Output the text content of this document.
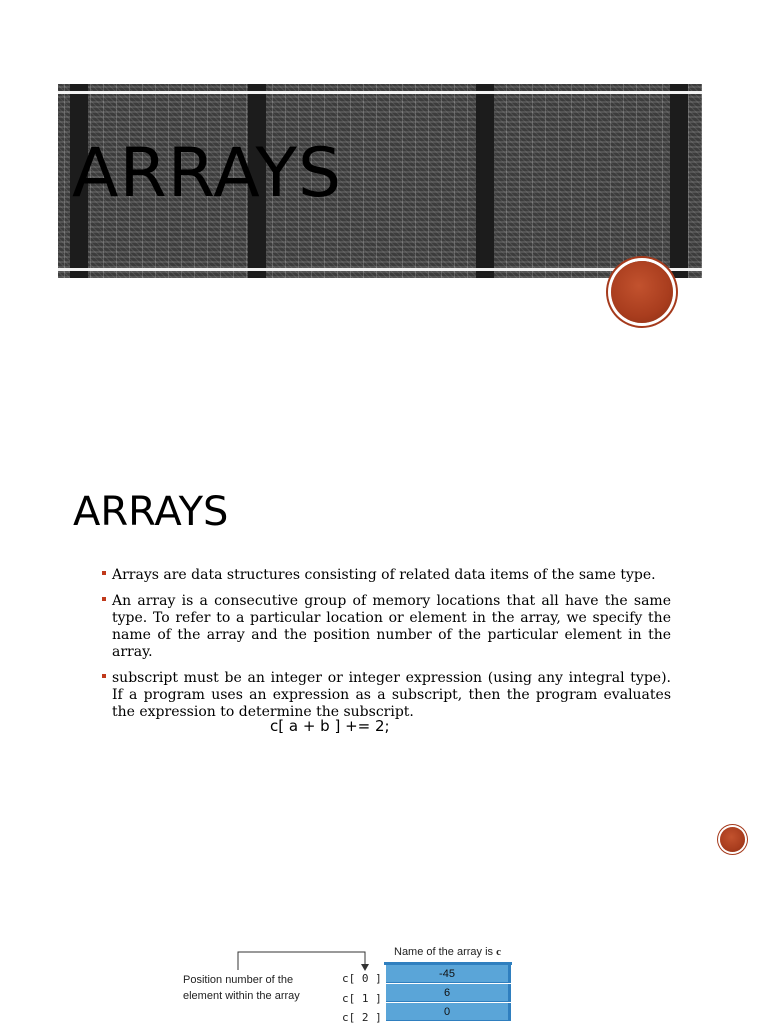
ARRAYS
ARRAYS
Arrays are data structures consisting of related data items of the same type.
An array is a consecutive group of memory locations that all have the same type. To refer to a particular location or element in the array, we specify the name of the array and the position number of the particular element in the array.
subscript must be an integer or integer expression (using any integral type). If a program uses an expression as a subscript, then the program evaluates the expression to determine the subscript.
c[ a + b ] += 2;
Name of the array is c
Position number of the element within the array
c[ 0 ]	-45
c[ 1 ]	6
c[ 2 ]	0
